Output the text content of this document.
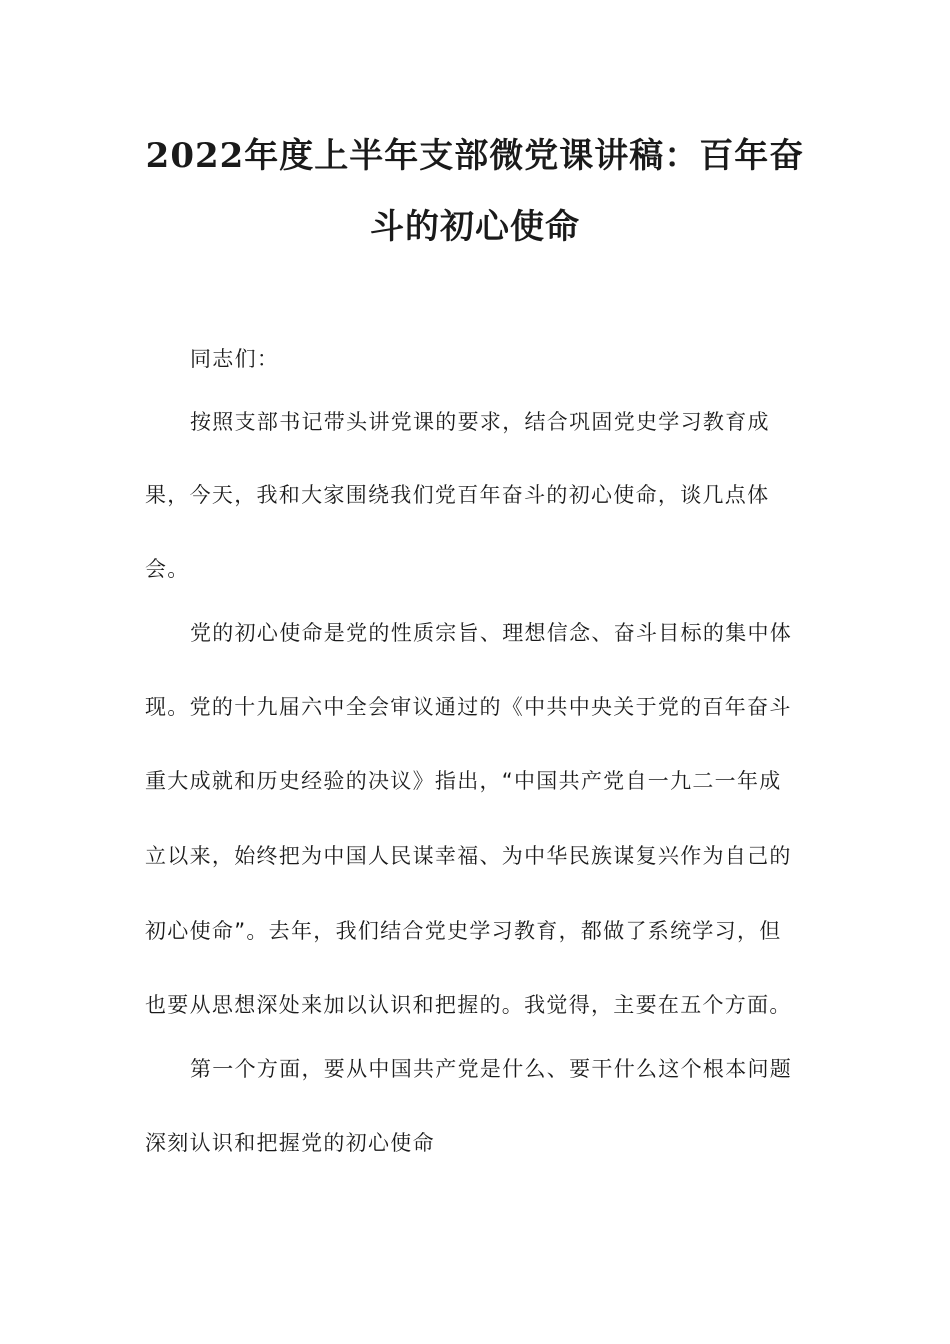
2022年度上半年支部微党课讲稿：百年奋
斗的初心使命
同志们：
按照支部书记带头讲党课的要求，结合巩固党史学习教育成
果，今天，我和大家围绕我们党百年奋斗的初心使命，谈几点体
会。
党的初心使命是党的性质宗旨、理想信念、奋斗目标的集中体
现。党的十九届六中全会审议通过的《中共中央关于党的百年奋斗
重大成就和历史经验的决议》指出，“中国共产党自一九二一年成
立以来，始终把为中国人民谋幸福、为中华民族谋复兴作为自己的
初心使命”。去年，我们结合党史学习教育，都做了系统学习，但
也要从思想深处来加以认识和把握的。我觉得，主要在五个方面。
第一个方面，要从中国共产党是什么、要干什么这个根本问题
深刻认识和把握党的初心使命
